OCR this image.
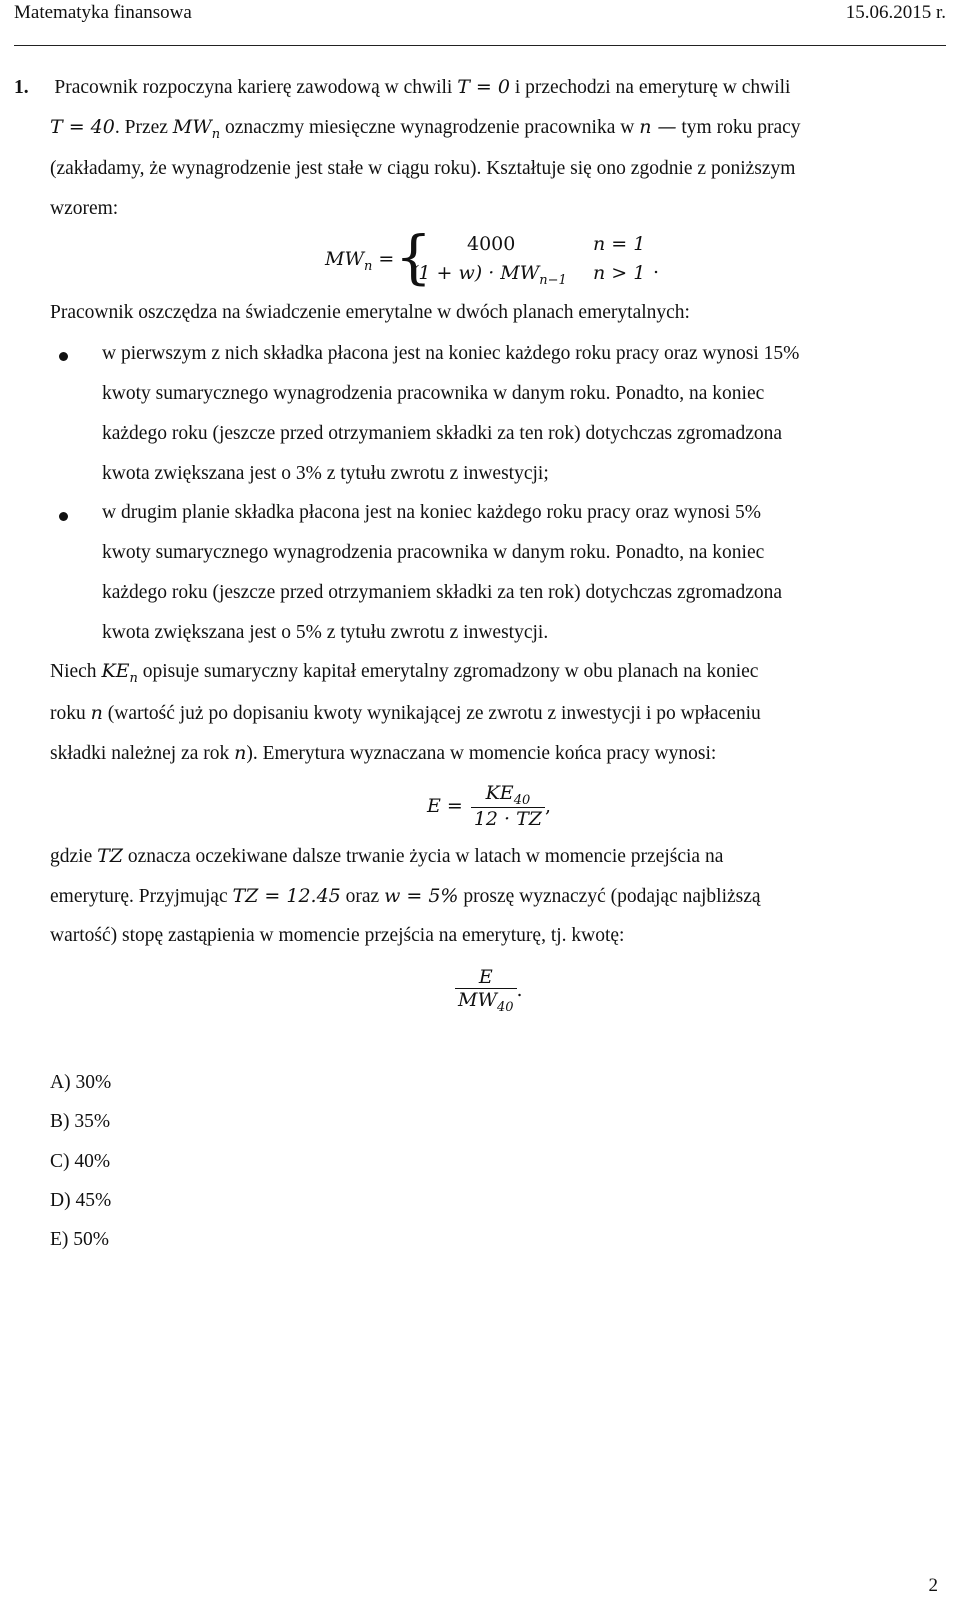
Matematyka finansowa	15.06.2015 r.
1. Pracownik rozpoczyna karierę zawodową w chwili T = 0 i przechodzi na emeryturę w chwili
T = 40. Przez $MW_n$ oznaczmy miesięczne wynagrodzenie pracownika w n — tym roku pracy
(zakładamy, że wynagrodzenie jest stałe w ciągu roku). Kształtuje się ono zgodnie z poniższym
wzorem:
$MW_n$ = { 4000	n = 1
$(1 + w) \cdot MW_{n-1}$ n > 1 .
Pracownik oszczędza na świadczenie emerytalne w dwóch planach emerytalnych:
w pierwszym z nich składka płacona jest na koniec każdego roku pracy oraz wynosi 15%
kwoty sumarycznego wynagrodzenia pracownika w danym roku. Ponadto, na koniec
każdego roku (jeszcze przed otrzymaniem składki za ten rok) dotychczas zgromadzona
kwota zwiększana jest o 3% z tytułu zwrotu z inwestycji;
w drugim planie składka płacona jest na koniec każdego roku pracy oraz wynosi 5%
kwoty sumarycznego wynagrodzenia pracownika w danym roku. Ponadto, na koniec
każdego roku (jeszcze przed otrzymaniem składki za ten rok) dotychczas zgromadzona
kwota zwiększana jest o 5% z tytułu zwrotu z inwestycji.
Niech $KE_n$ opisuje sumaryczny kapitał emerytalny zgromadzony w obu planach na koniec
roku n (wartość już po dopisaniu kwoty wynikającej ze zwrotu z inwestycji i po wpłaceniu
składki należnej za rok n). Emerytura wyznaczana w momencie końca pracy wynosi:
$E = \frac{KE_{40}}{12 \cdot TZ}$ ,
gdzie TZ oznacza oczekiwane dalsze trwanie życia w latach w momencie przejścia na
emeryturę. Przyjmując TZ = 12.45 oraz w = 5% proszę wyznaczyć (podając najbliższą
wartość) stopę zastąpienia w momencie przejścia na emeryturę, tj. kwotę:
$\frac{E}{MW_{40}}$ .
A) 30%
B) 35%
C) 40%
D) 45%
E) 50%
2
